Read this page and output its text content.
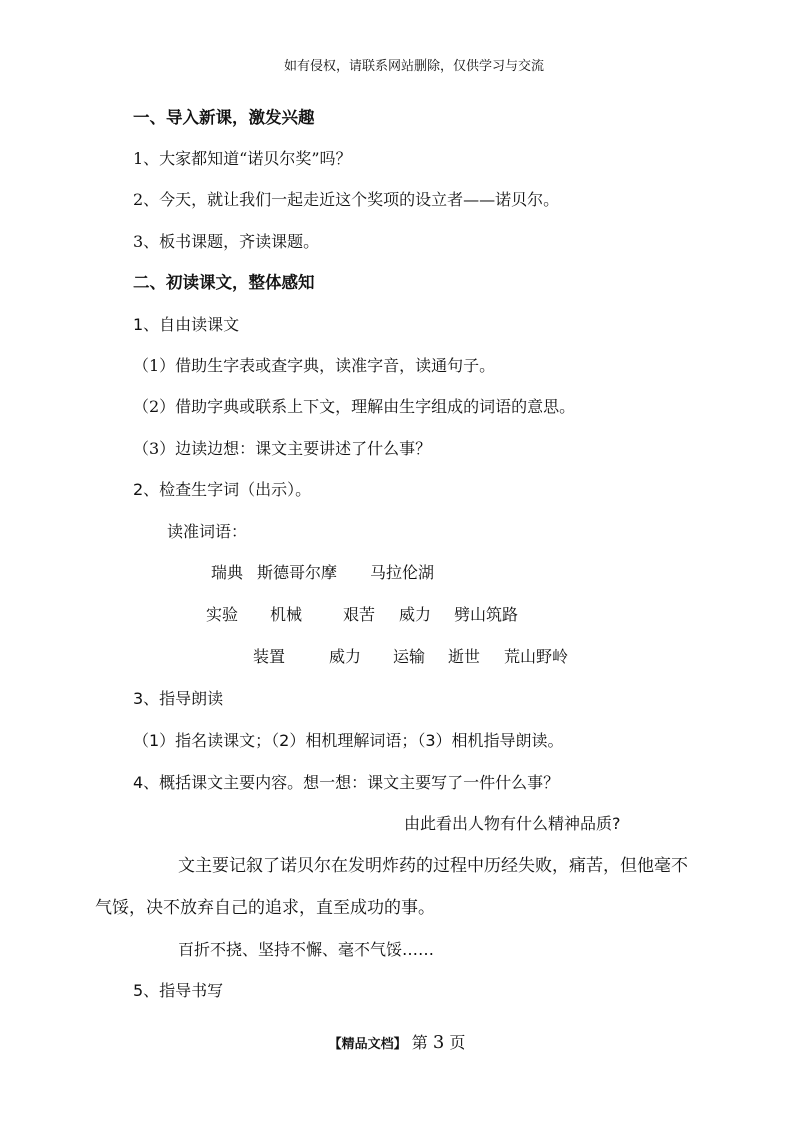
如有侵权，请联系网站删除，仅供学习与交流

一、导入新课，激发兴趣

1、大家都知道“诺贝尔奖”吗？

2、今天，就让我们一起走近这个奖项的设立者——诺贝尔。

3、板书课题，齐读课题。

二、初读课文，整体感知

1、自由读课文

（1）借助生字表或查字典，读准字音，读通句子。

（2）借助字典或联系上下文，理解由生字组成的词语的意思。

（3）边读边想：课文主要讲述了什么事？

2、检查生字词（出示）。

读准词语：

瑞典 斯德哥尔摩 马拉伦湖
实验 机械	艰苦 威力 劈山筑路
装置	威力 运输 逝世 荒山野岭

3、指导朗读

（1）指名读课文；（2）相机理解词语；（3）相机指导朗读。

4、概括课文主要内容。想一想：课文主要写了一件什么事？

由此看出人物有什么精神品质?

文主要记叙了诺贝尔在发明炸药的过程中历经失败，痛苦，但他毫不

气馁，决不放弃自己的追求，直至成功的事。

百折不挠、坚持不懈、毫不气馁……

5、指导书写

【精品文档】 第 3 页
